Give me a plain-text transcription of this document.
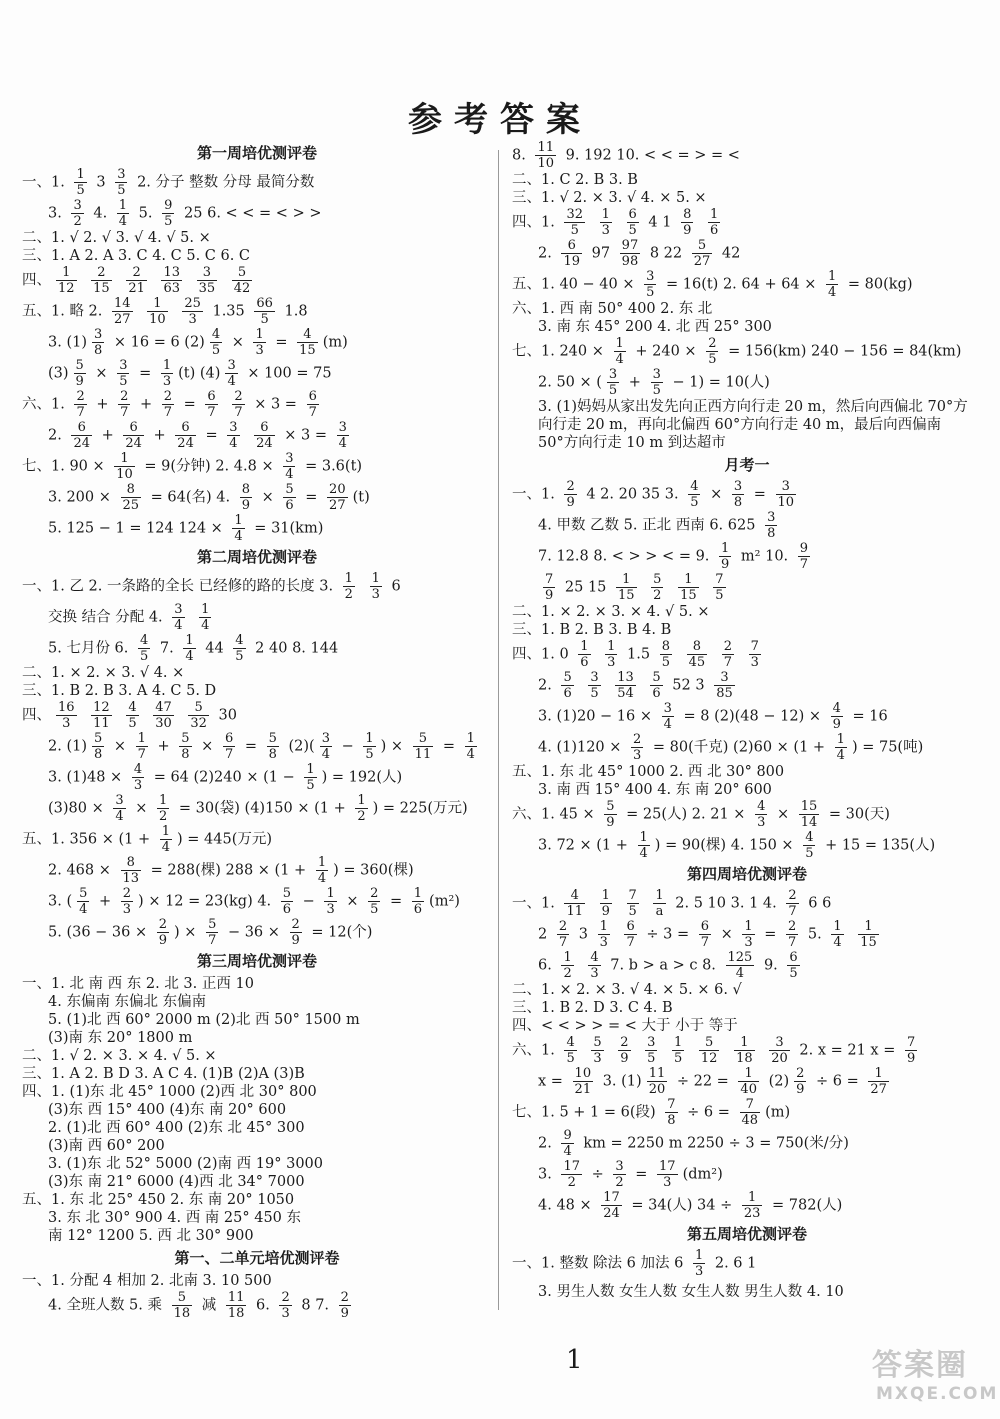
参考答案
第一周培优测评卷
一、1. $\frac{1}{5} 3 \frac{3}{5} 2$. 分子 整数 分母 最简分数
3. $\frac{3}{2} 4$. $\frac{1}{4} 5$. $\frac{9}{5} 25$ 6. < < = < > >
二、1. √ 2. √ 3. √ 4. √ 5. ×
三、1. A 2. A 3. C 4. C 5. C 6. C
四、 $\frac{1}{12}$
$\frac{2}{15}$
$\frac{2}{21}$
$\frac{13}{63}$
$\frac{3}{35}$
$\frac{5}{42}$
五、1. 略 2. $\frac{14}{27}$
$\frac{1}{10}$
$\frac{25}{3} 1.35 \frac{66}{5} 1.8$
3. $(1) \frac{3}{8} \times 16 = 6$ $(2) \frac{4}{5} \times \frac{1}{3} = \frac{4}{15} (m)$
$(3) \frac{5}{9} \times \frac{3}{5} = \frac{1}{3} (t)$ $(4) \frac{3}{4} \times 100 = 75$
六、1. $\frac{2}{7} + \frac{2}{7} + \frac{2}{7} = \frac{6}{7}$
$\frac{2}{7} \times 3 = \frac{6}{7}$
2. $\frac{6}{24} + \frac{6}{24} + \frac{6}{24} = \frac{3}{4}$
$\frac{6}{24} \times 3 = \frac{3}{4}$
七、1. $90 \times \frac{1}{10} = 9$(分钟) 2. $4.8 \times \frac{3}{4} = 3.6(t)$
3. $200 \times \frac{8}{25} = 64$(名) 4. $\frac{8}{9} \times \frac{5}{6} = \frac{20}{27} (t)$
5. 125 − 1 = 124 $124 \times \frac{1}{4} = 31(km)$
第二周培优测评卷
一、1. 乙 2. 一条路的全长 已经修的路的长度 3. $\frac{1}{2}$
$\frac{1}{3} 6$
交换 结合 分配 4. $\frac{3}{4}$
$\frac{1}{4}$
5. 七月份 6. $\frac{4}{5} 7$. $\frac{1}{4} 44 \frac{4}{5} 2$ 40 8. 144
二、1. × 2. × 3. √ 4. ×
三、1. B 2. B 3. A 4. C 5. D
四、 $\frac{16}{3}$
$\frac{12}{11}$
$\frac{4}{5}$
$\frac{47}{30}$
$\frac{5}{32} 30$
2. $(1) \frac{5}{8} \times \frac{1}{7} + \frac{5}{8} \times \frac{6}{7} = \frac{5}{8} (2)( \frac{3}{4} - \frac{1}{5}$ ) × $\frac{5}{11} = \frac{1}{4}$
3. $(1)48 \times \frac{4}{3} = 64$ $(2)240 \times (1 - \frac{1}{5}$ ) = 192(人)
$(3)80 \times \frac{3}{4} \times \frac{1}{2} = 30$(袋) $(4)150 \times (1 + \frac{1}{2}$ ) = 225(万元)
五、1. $356 \times (1 + \frac{1}{4}$ ) = 445(万元)
2. $468 \times \frac{8}{13} = 288$(棵) $288 \times (1 + \frac{1}{4}$ ) = 360(棵)
3. ( $\frac{5}{4} + \frac{2}{3}$ ) × 12 = 23(kg) 4. $\frac{5}{6} - \frac{1}{3} \times \frac{2}{5} = \frac{1}{6} (m^2)$
5. ($36 - 36 \times \frac{2}{9}$ ) × $\frac{5}{7} - 36 \times \frac{2}{9} = 12$(个)
第三周培优测评卷
一、1. 北 南 西 东 2. 北 3. 正西 10
4. 东偏南 东偏北 东偏南
5. (1)北 西 60° 2000 m (2)北 西 50° 1500 m
(3)南 东 20° 1800 m
二、1. √ 2. × 3. × 4. √ 5. ×
三、1. A 2. B D 3. A C 4. (1)B (2)A (3)B
四、1. (1)东 北 45° 1000 (2)西 北 30° 800
(3)东 西 15° 400 (4)东 南 20° 600
2. (1)北 西 60° 400 (2)东 北 45° 300
(3)南 西 60° 200
3. (1)东 北 52° 5000 (2)南 西 19° 3000
(3)东 南 21° 6000 (4)西 北 34° 7000
五、1. 东 北 25° 450 2. 东 南 20° 1050
3. 东 北 30° 900 4. 西 南 25° 450 东
南 12° 1200 5. 西 北 30° 900
第一、二单元培优测评卷
一、1. 分配 4 相加 2. 北南 3. 10 500
4. 全班人数 5. 乘 $\frac{5}{18}$ 减 $\frac{11}{18} 6$. $\frac{2}{3} 8$ 7. $\frac{2}{9}$
8. $\frac{11}{10} 9$. 192 10. < < = > = <
二、1. C 2. B 3. B
三、1. √ 2. × 3. √ 4. × 5. ×
四、1. $\frac{32}{5}$
$\frac{1}{3}$
$\frac{6}{5} 4$ $1 \frac{8}{9}$
$\frac{1}{6}$
2. $\frac{6}{19} 97 \frac{97}{98} 8$ $22 \frac{5}{27} 42$
五、1. $40 - 40 \times \frac{3}{5} = 16(t)$ 2. $64 + 64 \times \frac{1}{4} = 80(kg)$
六、1. 西 南 50° 400 2. 东 北
3. 南 东 45° 200 4. 北 西 25° 300
七、1. $240 \times \frac{1}{4} + 240 \times \frac{2}{5} = 156(km) 240 - 156 = 84(km)$
2. 50 × ( $\frac{3}{5} + \frac{3}{5} - 1) = 10$(人)
3. (1)妈妈从家出发先向正西方向行走 20 m，然后向西偏北 70°方
向行走 20 m，再向北偏西 60°方向行走 40 m，最后向西偏南
50°方向行走 10 m 到达超市
月考一
一、1. $\frac{2}{9} 4$ 2. 20 35 3. $\frac{4}{5} \times \frac{3}{8} = \frac{3}{10}$
4. 甲数 乙数 5. 正北 西南 6. $625 \frac{3}{8}$
7. 12.8 8. < > > < = 9. $\frac{1}{9} m^2$ 10. $\frac{9}{7}$
$\frac{7}{9} 25$ $15 \frac{1}{15}$
$\frac{5}{2}$
$\frac{1}{15}$
$\frac{7}{5}$
二、1. × 2. × 3. × 4. √ 5. ×
三、1. B 2. B 3. B 4. B
四、1. $0 \frac{1}{6}$
$\frac{1}{3} 1.5 \frac{8}{5}$
$\frac{8}{45}$
$\frac{2}{7}$
$\frac{7}{3}$
2. $\frac{5}{6}$
$\frac{3}{5}$
$\frac{13}{54}$
$\frac{5}{6} 52$ $3 \frac{3}{85}$
3. $(1)20 - 16 \times \frac{3}{4} = 8$ $(2)(48 - 12) \times \frac{4}{9} = 16$
4. $(1)120 \times \frac{2}{3} = 80$(千克) $(2)60 \times (1 + \frac{1}{4}$ ) = 75(吨)
五、1. 东 北 45° 1000 2. 西 北 30° 800
3. 南 西 15° 400 4. 东 南 20° 600
六、1. $45 \times \frac{5}{9} = 25$(人) 2. $21 \times \frac{4}{3} \times \frac{15}{14} = 30$(天)
3. $72 \times (1 + \frac{1}{4}$ ) = 90(棵) 4. $150 \times \frac{4}{5} + 15 = 135$(人)
第四周培优测评卷
一、1. $\frac{4}{11}$
$\frac{1}{9}$
$\frac{7}{5}$
$\frac{1}{a} 2$. 5 10 3. 1 4. $\frac{2}{7} 6$ 6
$2 \frac{2}{7} 3 \frac{1}{3}$
$\frac{6}{7} \div 3 = \frac{6}{7} \times \frac{1}{3} = \frac{2}{7} 5$. $\frac{1}{4}$
$\frac{1}{15}$
6. $\frac{1}{2}$
$\frac{4}{3} 7$. b > a > c 8. $\frac{125}{4} 9$. $\frac{6}{5}$
二、1. × 2. × 3. √ 4. × 5. × 6. √
三、1. B 2. D 3. C 4. B
四、< < > > = < 大于 小于 等于
六、1. $\frac{4}{5}$
$\frac{5}{3}$
$\frac{2}{9}$
$\frac{3}{5}$
$\frac{1}{5}$
$\frac{5}{12}$
$\frac{1}{18}$
$\frac{3}{20} 2$. x = 21 $x = \frac{7}{9}$
$x = \frac{10}{21} 3$. $(1) \frac{11}{20} \div 22 = \frac{1}{40} (2) \frac{2}{9} \div 6 = \frac{1}{27}$
七、1. 5 + 1 = 6(段) $\frac{7}{8} \div 6 = \frac{7}{48} (m)$
2. $\frac{9}{4}$ km = 2250 m 2250 ÷ 3 = 750(米/分)
3. $\frac{17}{2} \div \frac{3}{2} = \frac{17}{3} (dm^2)$
4. $48 \times \frac{17}{24} = 34$(人) $34 \div \frac{1}{23} = 782$(人)
第五周培优测评卷
一、1. 整数 除法 6 加法 $6 \frac{1}{3} 2$. 6 1
3. 男生人数 女生人数 女生人数 男生人数 4. 10
1	答案圈
MXQE.COM
